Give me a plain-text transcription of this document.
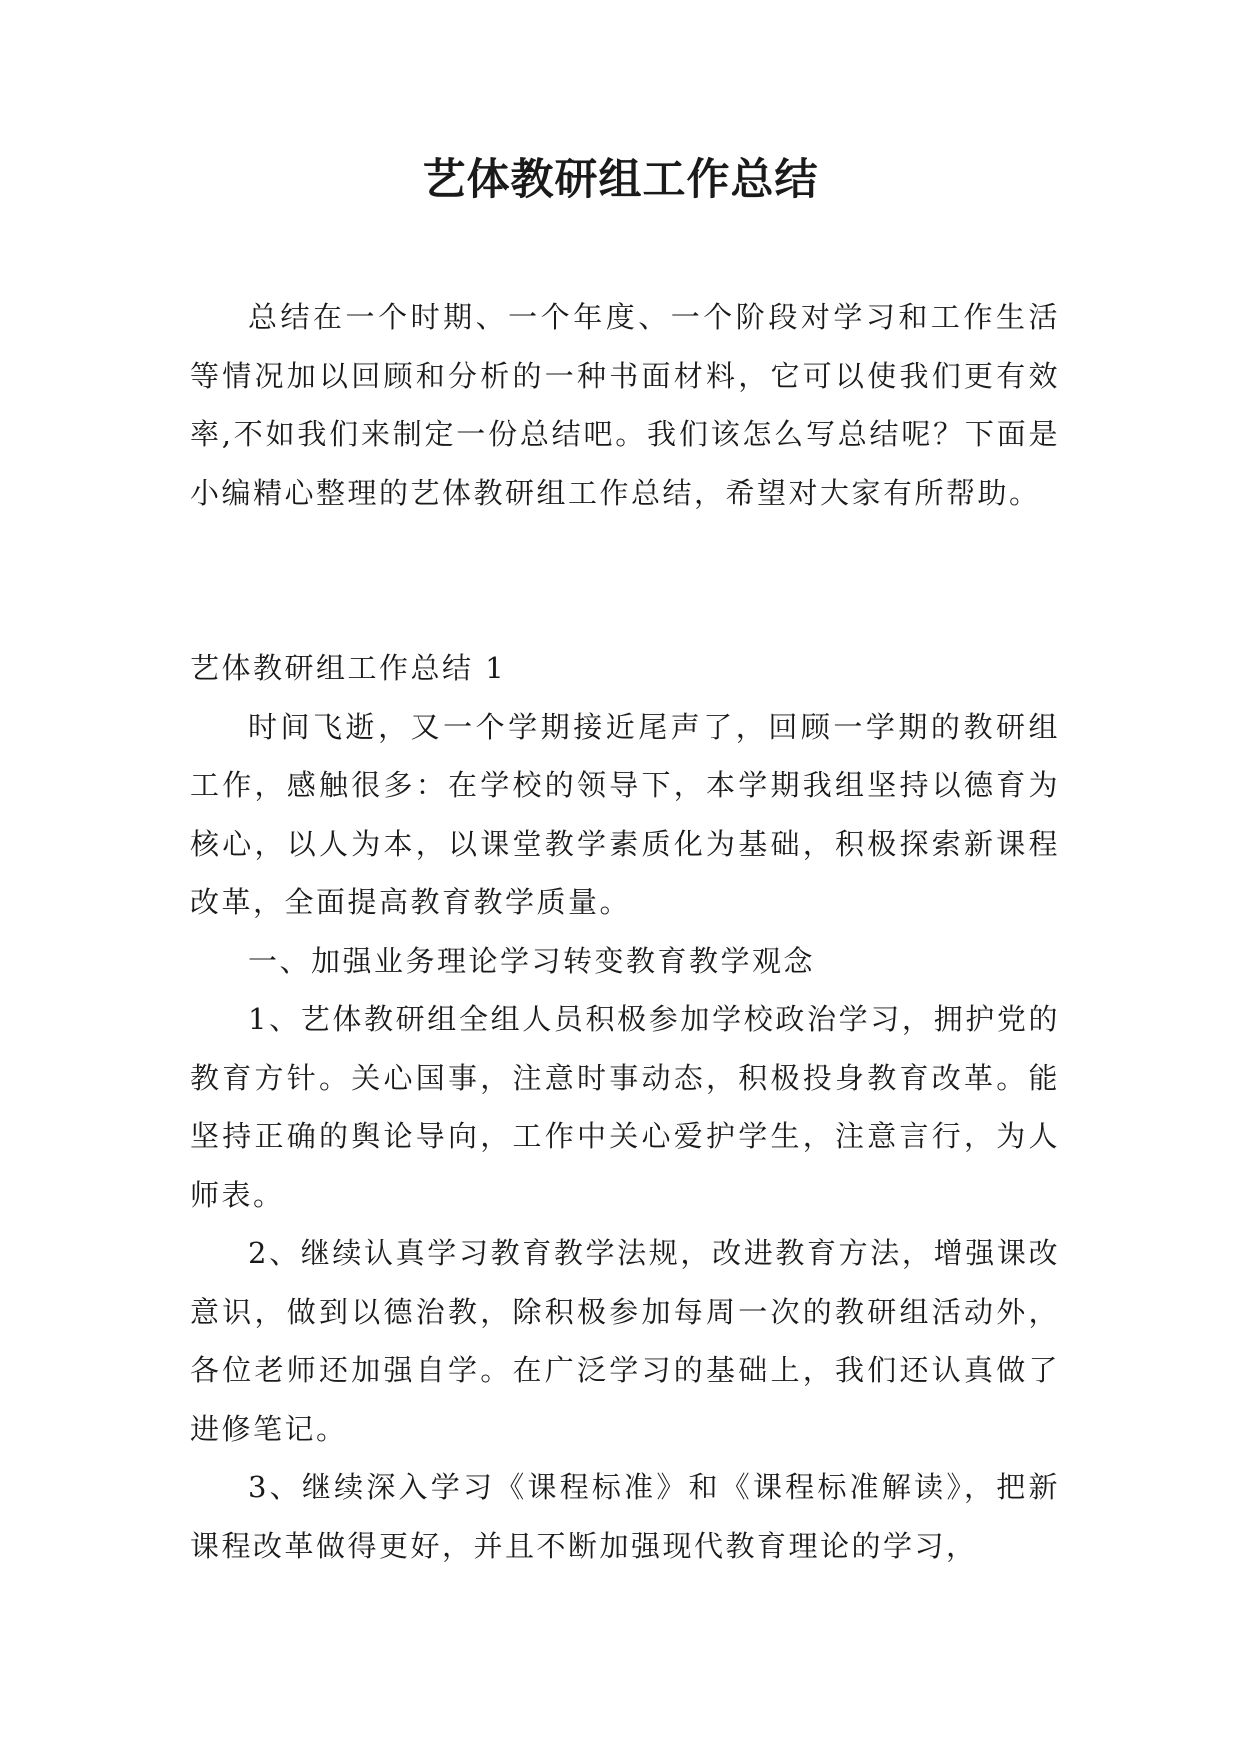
艺体教研组工作总结

总结在一个时期、一个年度、一个阶段对学习和工作生活等情况加以回顾和分析的一种书面材料，它可以使我们更有效率,不如我们来制定一份总结吧。我们该怎么写总结呢？下面是小编精心整理的艺体教研组工作总结，希望对大家有所帮助。

艺体教研组工作总结 1

时间飞逝，又一个学期接近尾声了，回顾一学期的教研组工作，感触很多：在学校的领导下，本学期我组坚持以德育为核心，以人为本，以课堂教学素质化为基础，积极探索新课程改革，全面提高教育教学质量。

一、加强业务理论学习转变教育教学观念

1、艺体教研组全组人员积极参加学校政治学习，拥护党的教育方针。关心国事，注意时事动态，积极投身教育改革。能坚持正确的舆论导向，工作中关心爱护学生，注意言行，为人师表。

2、继续认真学习教育教学法规，改进教育方法，增强课改意识，做到以德治教，除积极参加每周一次的教研组活动外，各位老师还加强自学。在广泛学习的基础上，我们还认真做了进修笔记。

3、继续深入学习《课程标准》和《课程标准解读》，把新课程改革做得更好，并且不断加强现代教育理论的学习，
